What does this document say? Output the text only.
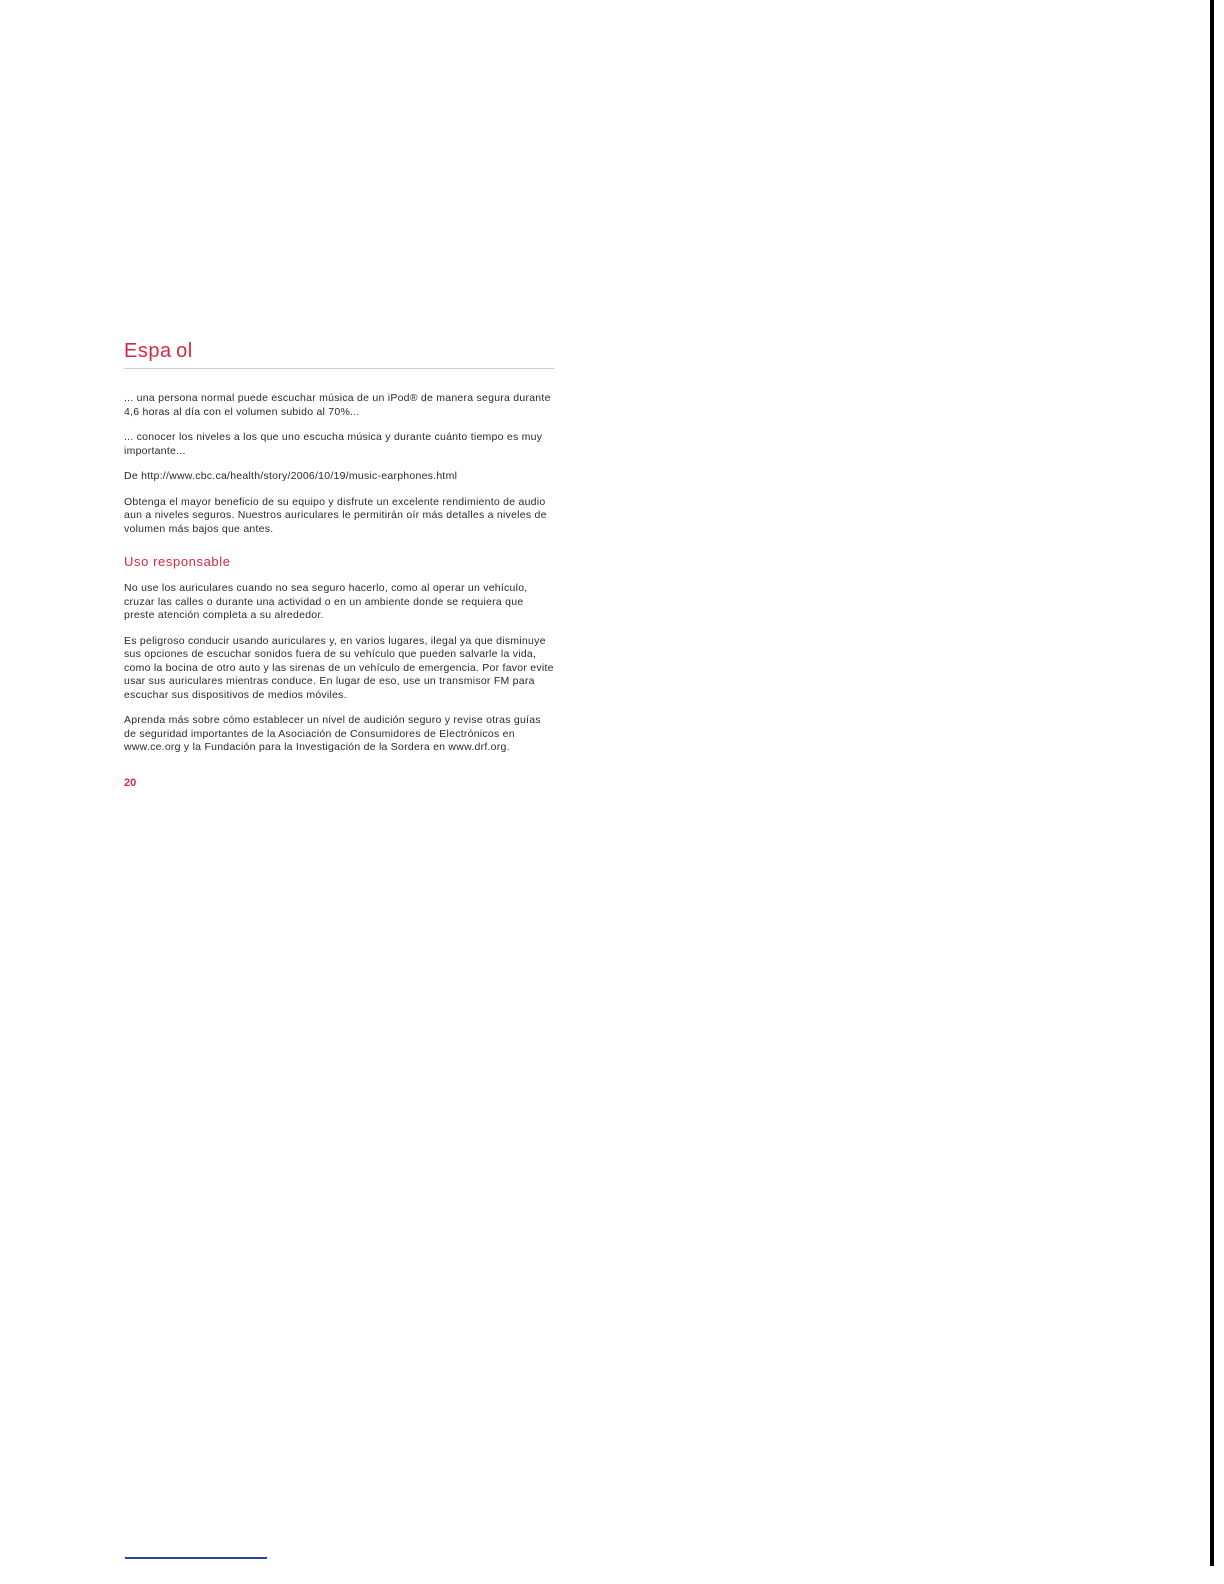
Espa ol

... una persona normal puede escuchar música de un iPod® de manera segura durante 4,6 horas al día con el volumen subido al 70%...

... conocer los niveles a los que uno escucha música y durante cuánto tiempo es muy importante...

De http://www.cbc.ca/health/story/2006/10/19/music-earphones.html

Obtenga el mayor beneficio de su equipo y disfrute un excelente rendimiento de audio aun a niveles seguros. Nuestros auriculares le permitirán oír más detalles a niveles de volumen más bajos que antes.

Uso responsable

No use los auriculares cuando no sea seguro hacerlo, como al operar un vehículo, cruzar las calles o durante una actividad o en un ambiente donde se requiera que preste atención completa a su alrededor.

Es peligroso conducir usando auriculares y, en varios lugares, ilegal ya que disminuye sus opciones de escuchar sonidos fuera de su vehículo que pueden salvarle la vida, como la bocina de otro auto y las sirenas de un vehículo de emergencia. Por favor evite usar sus auriculares mientras conduce. En lugar de eso, use un transmisor FM para escuchar sus dispositivos de medios móviles.

Aprenda más sobre cómo establecer un nivel de audición seguro y revise otras guías de seguridad importantes de la Asociación de Consumidores de Electrónicos en www.ce.org y la Fundación para la Investigación de la Sordera en www.drf.org.

20
